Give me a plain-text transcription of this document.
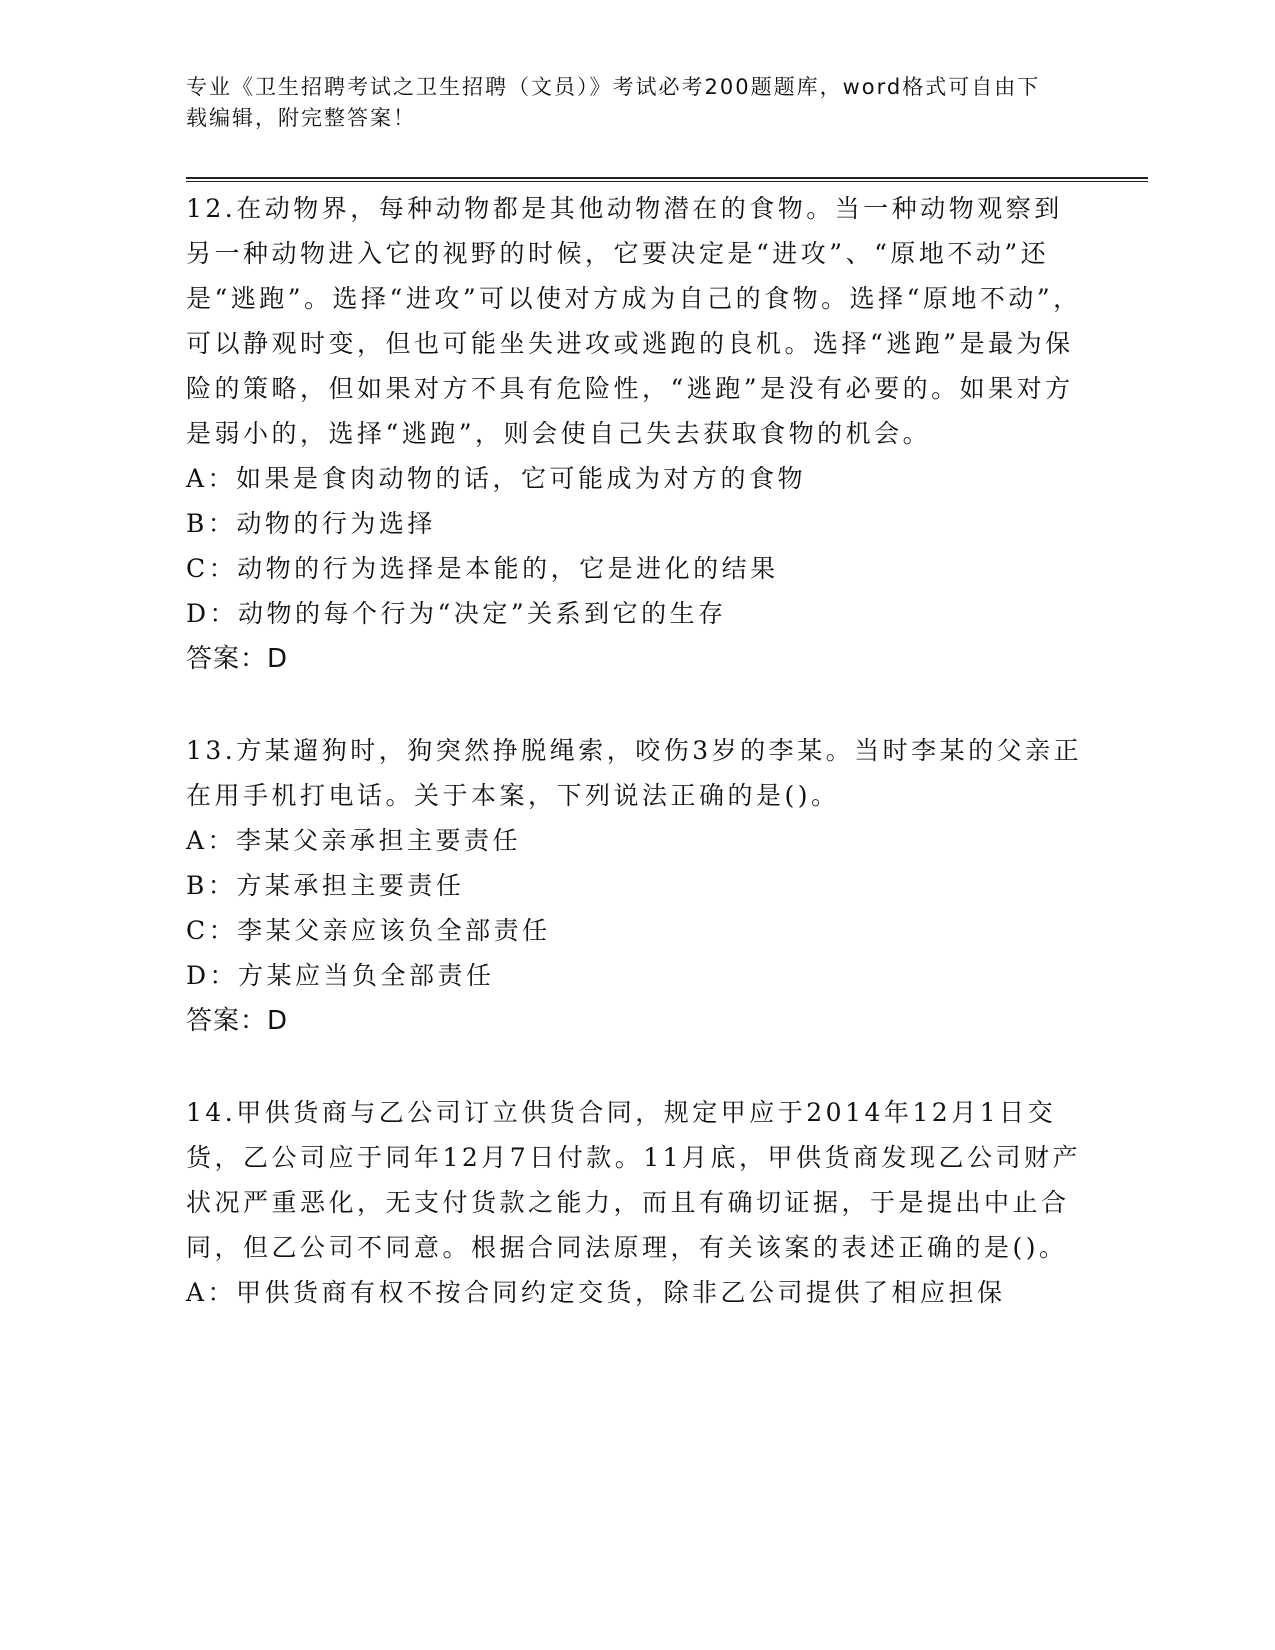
专业《卫生招聘考试之卫生招聘（文员）》考试必考200题题库，word格式可自由下载编辑，附完整答案！

12.在动物界，每种动物都是其他动物潜在的食物。当一种动物观察到另一种动物进入它的视野的时候，它要决定是“进攻”、“原地不动”还是“逃跑”。选择“进攻”可以使对方成为自己的食物。选择“原地不动”，可以静观时变，但也可能坐失进攻或逃跑的良机。选择“逃跑”是最为保险的策略，但如果对方不具有危险性，“逃跑”是没有必要的。如果对方是弱小的，选择“逃跑”，则会使自己失去获取食物的机会。

A：如果是食肉动物的话，它可能成为对方的食物

B：动物的行为选择

C：动物的行为选择是本能的，它是进化的结果

D：动物的每个行为“决定”关系到它的生存

答案：D

13.方某遛狗时，狗突然挣脱绳索，咬伤3岁的李某。当时李某的父亲正在用手机打电话。关于本案，下列说法正确的是()。

A：李某父亲承担主要责任

B：方某承担主要责任

C：李某父亲应该负全部责任

D：方某应当负全部责任

答案：D

14.甲供货商与乙公司订立供货合同，规定甲应于2014年12月1日交货，乙公司应于同年12月7日付款。11月底，甲供货商发现乙公司财产状况严重恶化，无支付货款之能力，而且有确切证据，于是提出中止合同，但乙公司不同意。根据合同法原理，有关该案的表述正确的是()。

A：甲供货商有权不按合同约定交货，除非乙公司提供了相应担保
